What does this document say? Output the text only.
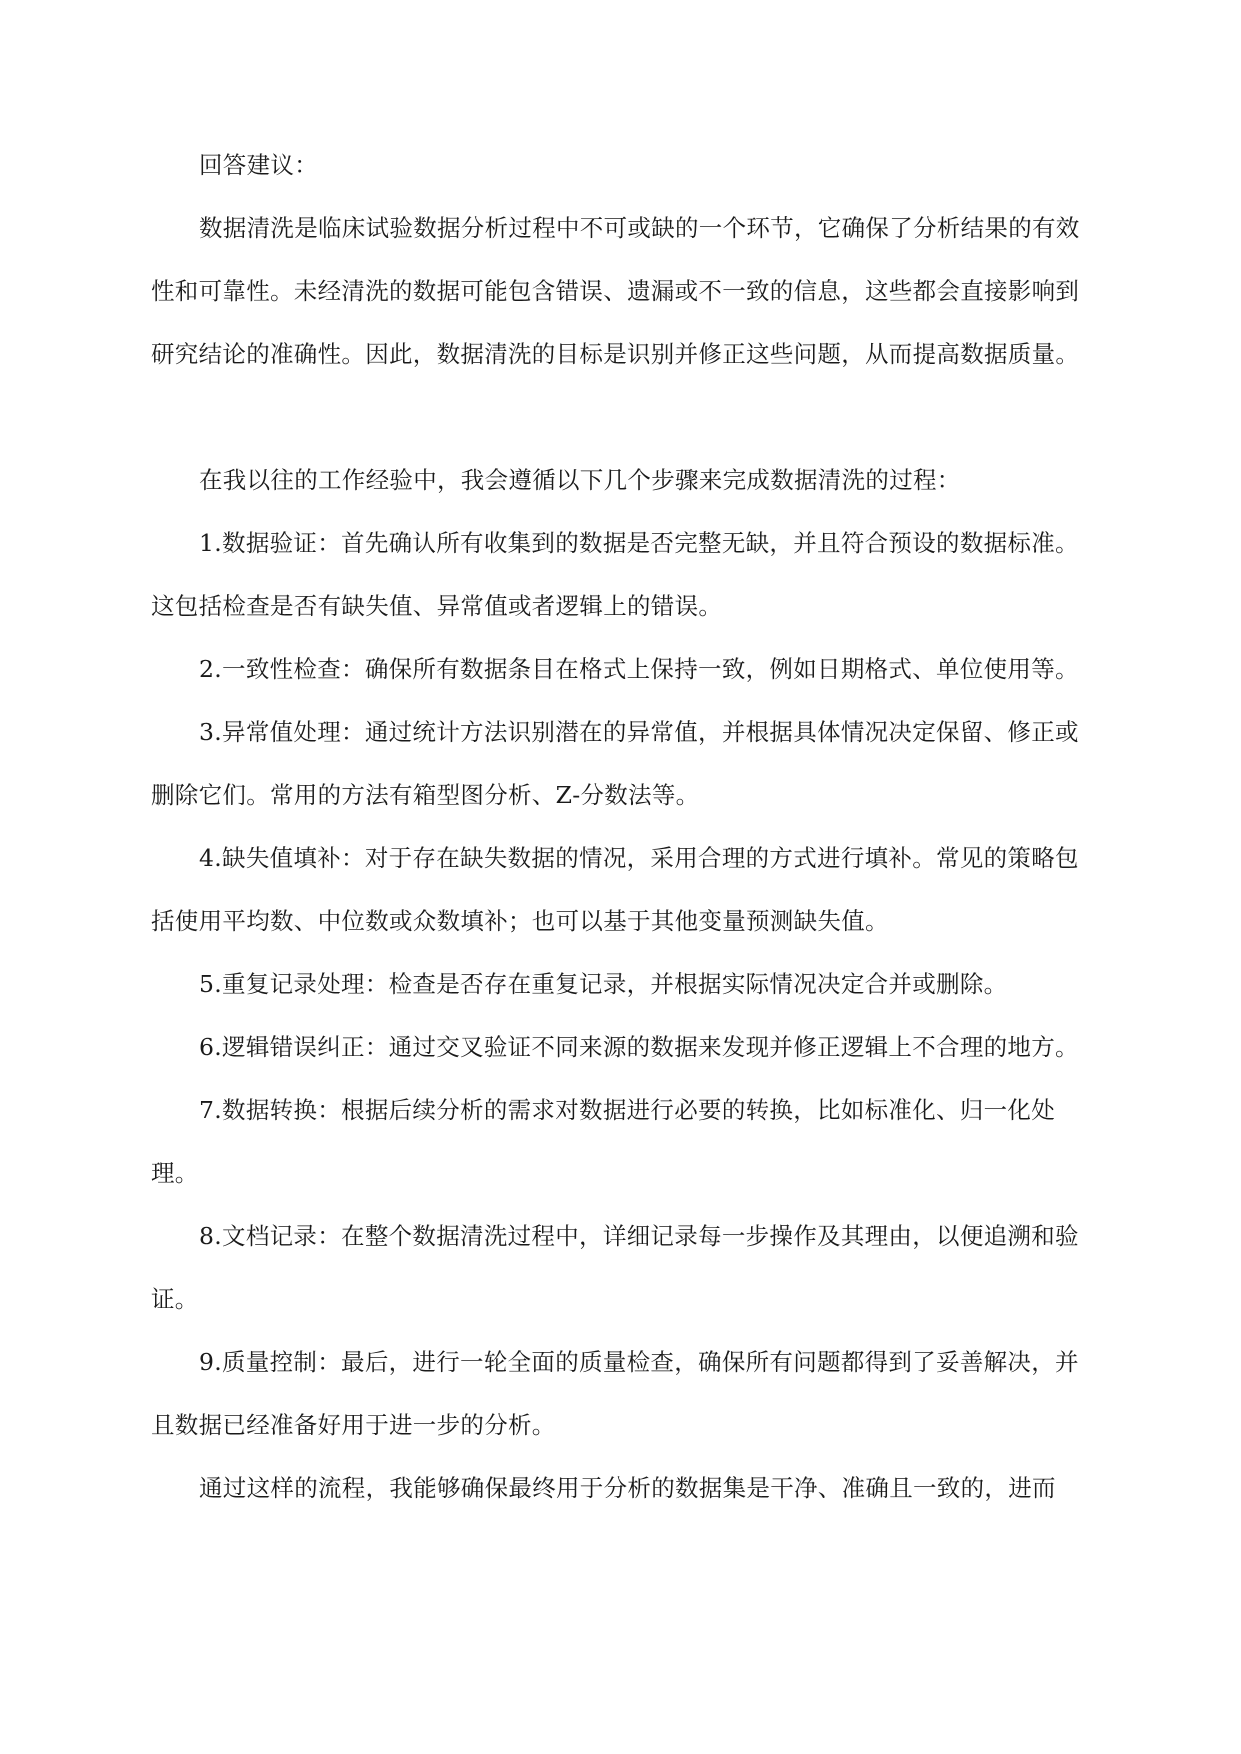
回答建议：

数据清洗是临床试验数据分析过程中不可或缺的一个环节，它确保了分析结果的有效性和可靠性。未经清洗的数据可能包含错误、遗漏或不一致的信息，这些都会直接影响到研究结论的准确性。因此，数据清洗的目标是识别并修正这些问题，从而提高数据质量。

在我以往的工作经验中，我会遵循以下几个步骤来完成数据清洗的过程：

1.数据验证：首先确认所有收集到的数据是否完整无缺，并且符合预设的数据标准。这包括检查是否有缺失值、异常值或者逻辑上的错误。

2.一致性检查：确保所有数据条目在格式上保持一致，例如日期格式、单位使用等。

3.异常值处理：通过统计方法识别潜在的异常值，并根据具体情况决定保留、修正或删除它们。常用的方法有箱型图分析、Z-分数法等。

4.缺失值填补：对于存在缺失数据的情况，采用合理的方式进行填补。常见的策略包括使用平均数、中位数或众数填补；也可以基于其他变量预测缺失值。

5.重复记录处理：检查是否存在重复记录，并根据实际情况决定合并或删除。

6.逻辑错误纠正：通过交叉验证不同来源的数据来发现并修正逻辑上不合理的地方。

7.数据转换：根据后续分析的需求对数据进行必要的转换，比如标准化、归一化处理。

8.文档记录：在整个数据清洗过程中，详细记录每一步操作及其理由，以便追溯和验证。

9.质量控制：最后，进行一轮全面的质量检查，确保所有问题都得到了妥善解决，并且数据已经准备好用于进一步的分析。

通过这样的流程，我能够确保最终用于分析的数据集是干净、准确且一致的，进而
